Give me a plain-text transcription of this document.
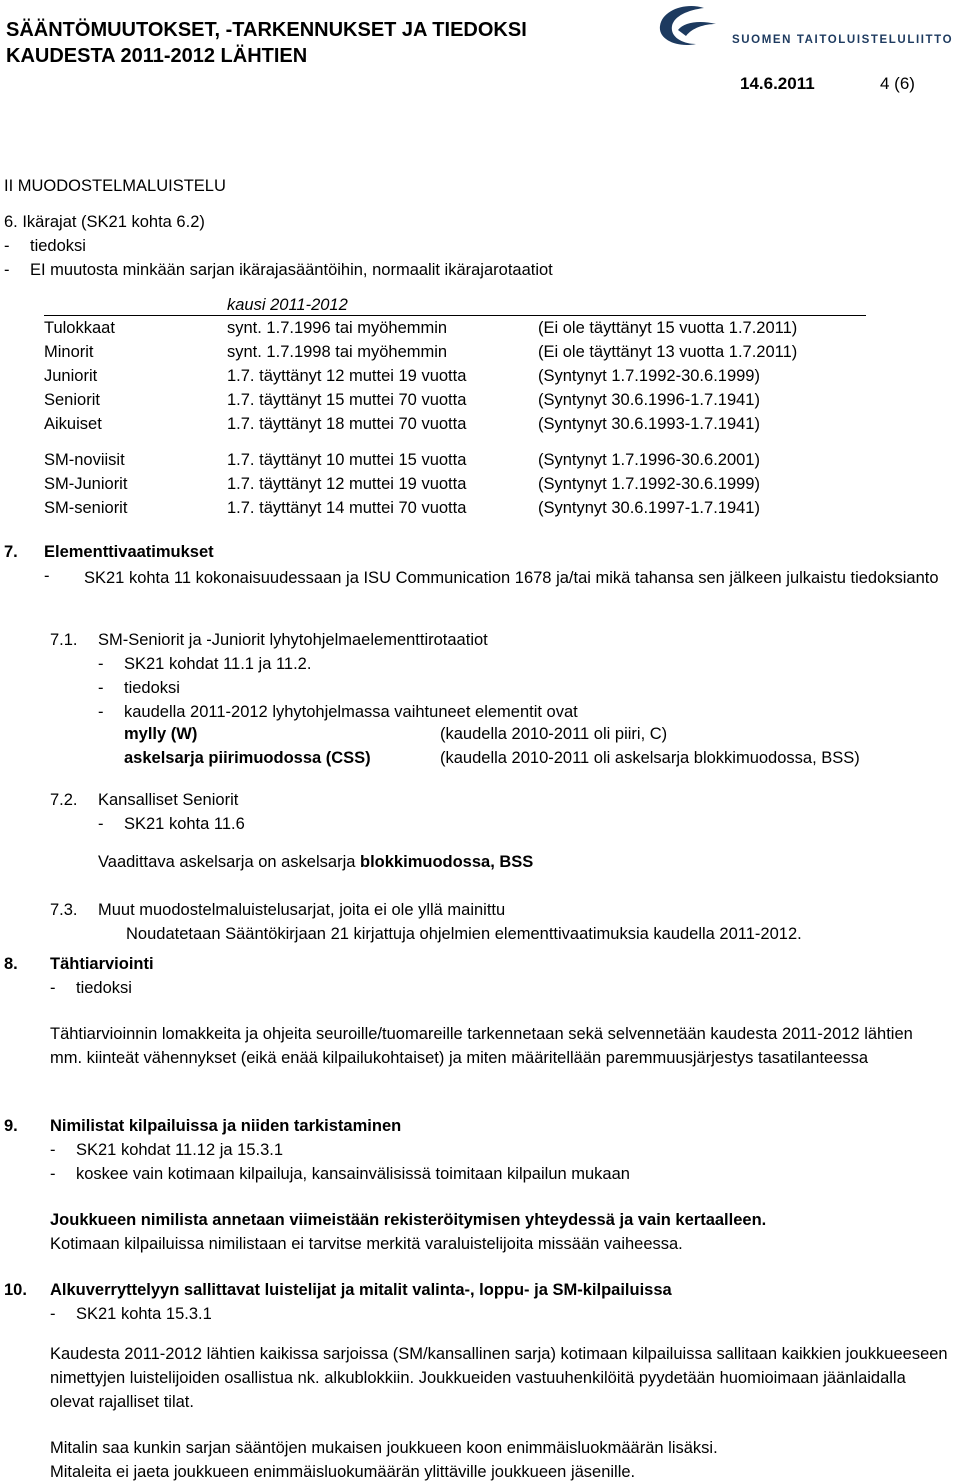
SÄÄNTÖMUUTOKSET, -TARKENNUKSET JA TIEDOKSI
KAUDESTA 2011-2012 LÄHTIEN
SUOMEN TAITOLUISTELULIITTO
14.6.2011	4 (6)
II MUODOSTELMALUISTELU
6. Ikärajat (SK21 kohta 6.2)
- tiedoksi
- EI muutosta minkään sarjan ikärajasääntöihin, normaalit ikärajarotaatiot
kausi 2011-2012
Tulokkaat	synt. 1.7.1996 tai myöhemmin	(Ei ole täyttänyt 15 vuotta 1.7.2011)
Minorit	synt. 1.7.1998 tai myöhemmin	(Ei ole täyttänyt 13 vuotta 1.7.2011)
Juniorit	1.7. täyttänyt 12 muttei 19 vuotta	(Syntynyt 1.7.1992-30.6.1999)
Seniorit	1.7. täyttänyt 15 muttei 70 vuotta	(Syntynyt 30.6.1996-1.7.1941)
Aikuiset	1.7. täyttänyt 18 muttei 70 vuotta	(Syntynyt 30.6.1993-1.7.1941)
SM-noviisit	1.7. täyttänyt 10 muttei 15 vuotta	(Syntynyt 1.7.1996-30.6.2001)
SM-Juniorit	1.7. täyttänyt 12 muttei 19 vuotta	(Syntynyt 1.7.1992-30.6.1999)
SM-seniorit	1.7. täyttänyt 14 muttei 70 vuotta	(Syntynyt 30.6.1997-1.7.1941)
7. Elementtivaatimukset
- SK21 kohta 11 kokonaisuudessaan ja ISU Communication 1678 ja/tai mikä tahansa sen jälkeen julkaistu tiedoksianto
7.1. SM-Seniorit ja -Juniorit lyhytohjelmaelementtirotaatiot
- SK21 kohdat 11.1 ja 11.2.
- tiedoksi
- kaudella 2011-2012 lyhytohjelmassa vaihtuneet elementit ovat
mylly (W)	(kaudella 2010-2011 oli piiri, C)
askelsarja piirimuodossa (CSS)	(kaudella 2010-2011 oli askelsarja blokkimuodossa, BSS)
7.2. Kansalliset Seniorit
- SK21 kohta 11.6
Vaadittava askelsarja on askelsarja blokkimuodossa, BSS
7.3. Muut muodostelmaluistelusarjat, joita ei ole yllä mainittu
Noudatetaan Sääntökirjaan 21 kirjattuja ohjelmien elementtivaatimuksia kaudella 2011-2012.
8. Tähtiarviointi
- tiedoksi
Tähtiarvioinnin lomakkeita ja ohjeita seuroille/tuomareille tarkennetaan sekä selvennetään kaudesta 2011-2012 lähtien mm. kiinteät vähennykset (eikä enää kilpailukohtaiset) ja miten määritellään paremmuusjärjestys tasatilanteessa
9. Nimilistat kilpailuissa ja niiden tarkistaminen
- SK21 kohdat 11.12 ja 15.3.1
- koskee vain kotimaan kilpailuja, kansainvälisissä toimitaan kilpailun mukaan
Joukkueen nimilista annetaan viimeistään rekisteröitymisen yhteydessä ja vain kertaalleen.
Kotimaan kilpailuissa nimilistaan ei tarvitse merkitä varaluistelijoita missään vaiheessa.
10. Alkuverryttelyyn sallittavat luistelijat ja mitalit valinta-, loppu- ja SM-kilpailuissa
- SK21 kohta 15.3.1
Kaudesta 2011-2012 lähtien kaikissa sarjoissa (SM/kansallinen sarja) kotimaan kilpailuissa sallitaan kaikkien joukkueeseen nimettyjen luistelijoiden osallistua nk. alkublokkiin. Joukkueiden vastuuhenkilöitä pyydetään huomioimaan jäänlaidalla olevat rajalliset tilat.
Mitalin saa kunkin sarjan sääntöjen mukaisen joukkueen koon enimmäisluokmäärän lisäksi.
Mitaleita ei jaeta joukkueen enimmäisluokumäärän ylittäville joukkueen jäsenille.
